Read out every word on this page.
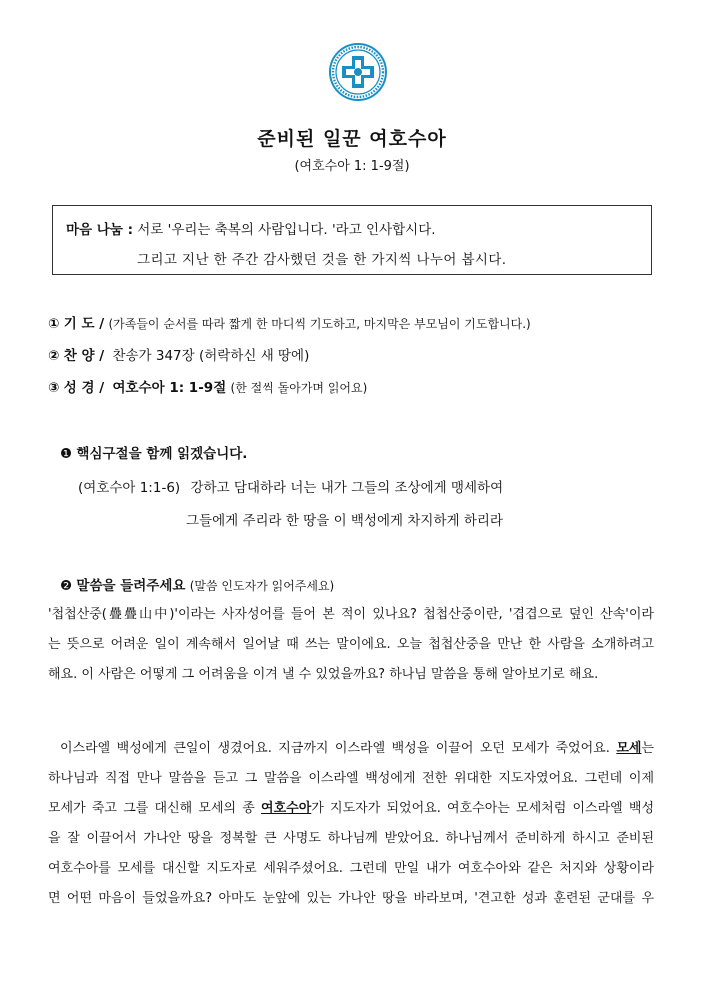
준비된 일꾼 여호수아
(여호수아 1: 1-9절)
마음 나눔 : 서로 '우리는 축복의 사람입니다. '라고 인사합시다.
그리고 지난 한 주간 감사했던 것을 한 가지씩 나누어 봅시다.
① 기 도 / (가족들이 순서를 따라 짧게 한 마디씩 기도하고, 마지막은 부모님이 기도합니다.)
② 찬 양 / 찬송가 347장 (허락하신 새 땅에)
③ 성 경 / 여호수아 1: 1-9절 (한 절씩 돌아가며 읽어요)
❶ 핵심구절을 함께 읽겠습니다.
(여호수아 1:1-6) 강하고 담대하라 너는 내가 그들의 조상에게 맹세하여
그들에게 주리라 한 땅을 이 백성에게 차지하게 하리라
❷ 말씀을 들려주세요 (말씀 인도자가 읽어주세요)
'첩첩산중(疊疊山中)'이라는 사자성어를 들어 본 적이 있나요? 첩첩산중이란, '겹겹으로 덮인 산속'이라
는 뜻으로 어려운 일이 계속해서 일어날 때 쓰는 말이에요. 오늘 첩첩산중을 만난 한 사람을 소개하려고
해요. 이 사람은 어떻게 그 어려움을 이겨 낼 수 있었을까요? 하나님 말씀을 통해 알아보기로 해요.
이스라엘 백성에게 큰일이 생겼어요. 지금까지 이스라엘 백성을 이끌어 오던 모세가 죽었어요. 모세는
하나님과 직접 만나 말씀을 듣고 그 말씀을 이스라엘 백성에게 전한 위대한 지도자였어요. 그런데 이제
모세가 죽고 그를 대신해 모세의 종 여호수아가 지도자가 되었어요. 여호수아는 모세처럼 이스라엘 백성
을 잘 이끌어서 가나안 땅을 정복할 큰 사명도 하나님께 받았어요. 하나님께서 준비하게 하시고 준비된
여호수아를 모세를 대신할 지도자로 세워주셨어요. 그런데 만일 내가 여호수아와 같은 처지와 상황이라
면 어떤 마음이 들었을까요? 아마도 눈앞에 있는 가나안 땅을 바라보며, '견고한 성과 훈련된 군대를 우
